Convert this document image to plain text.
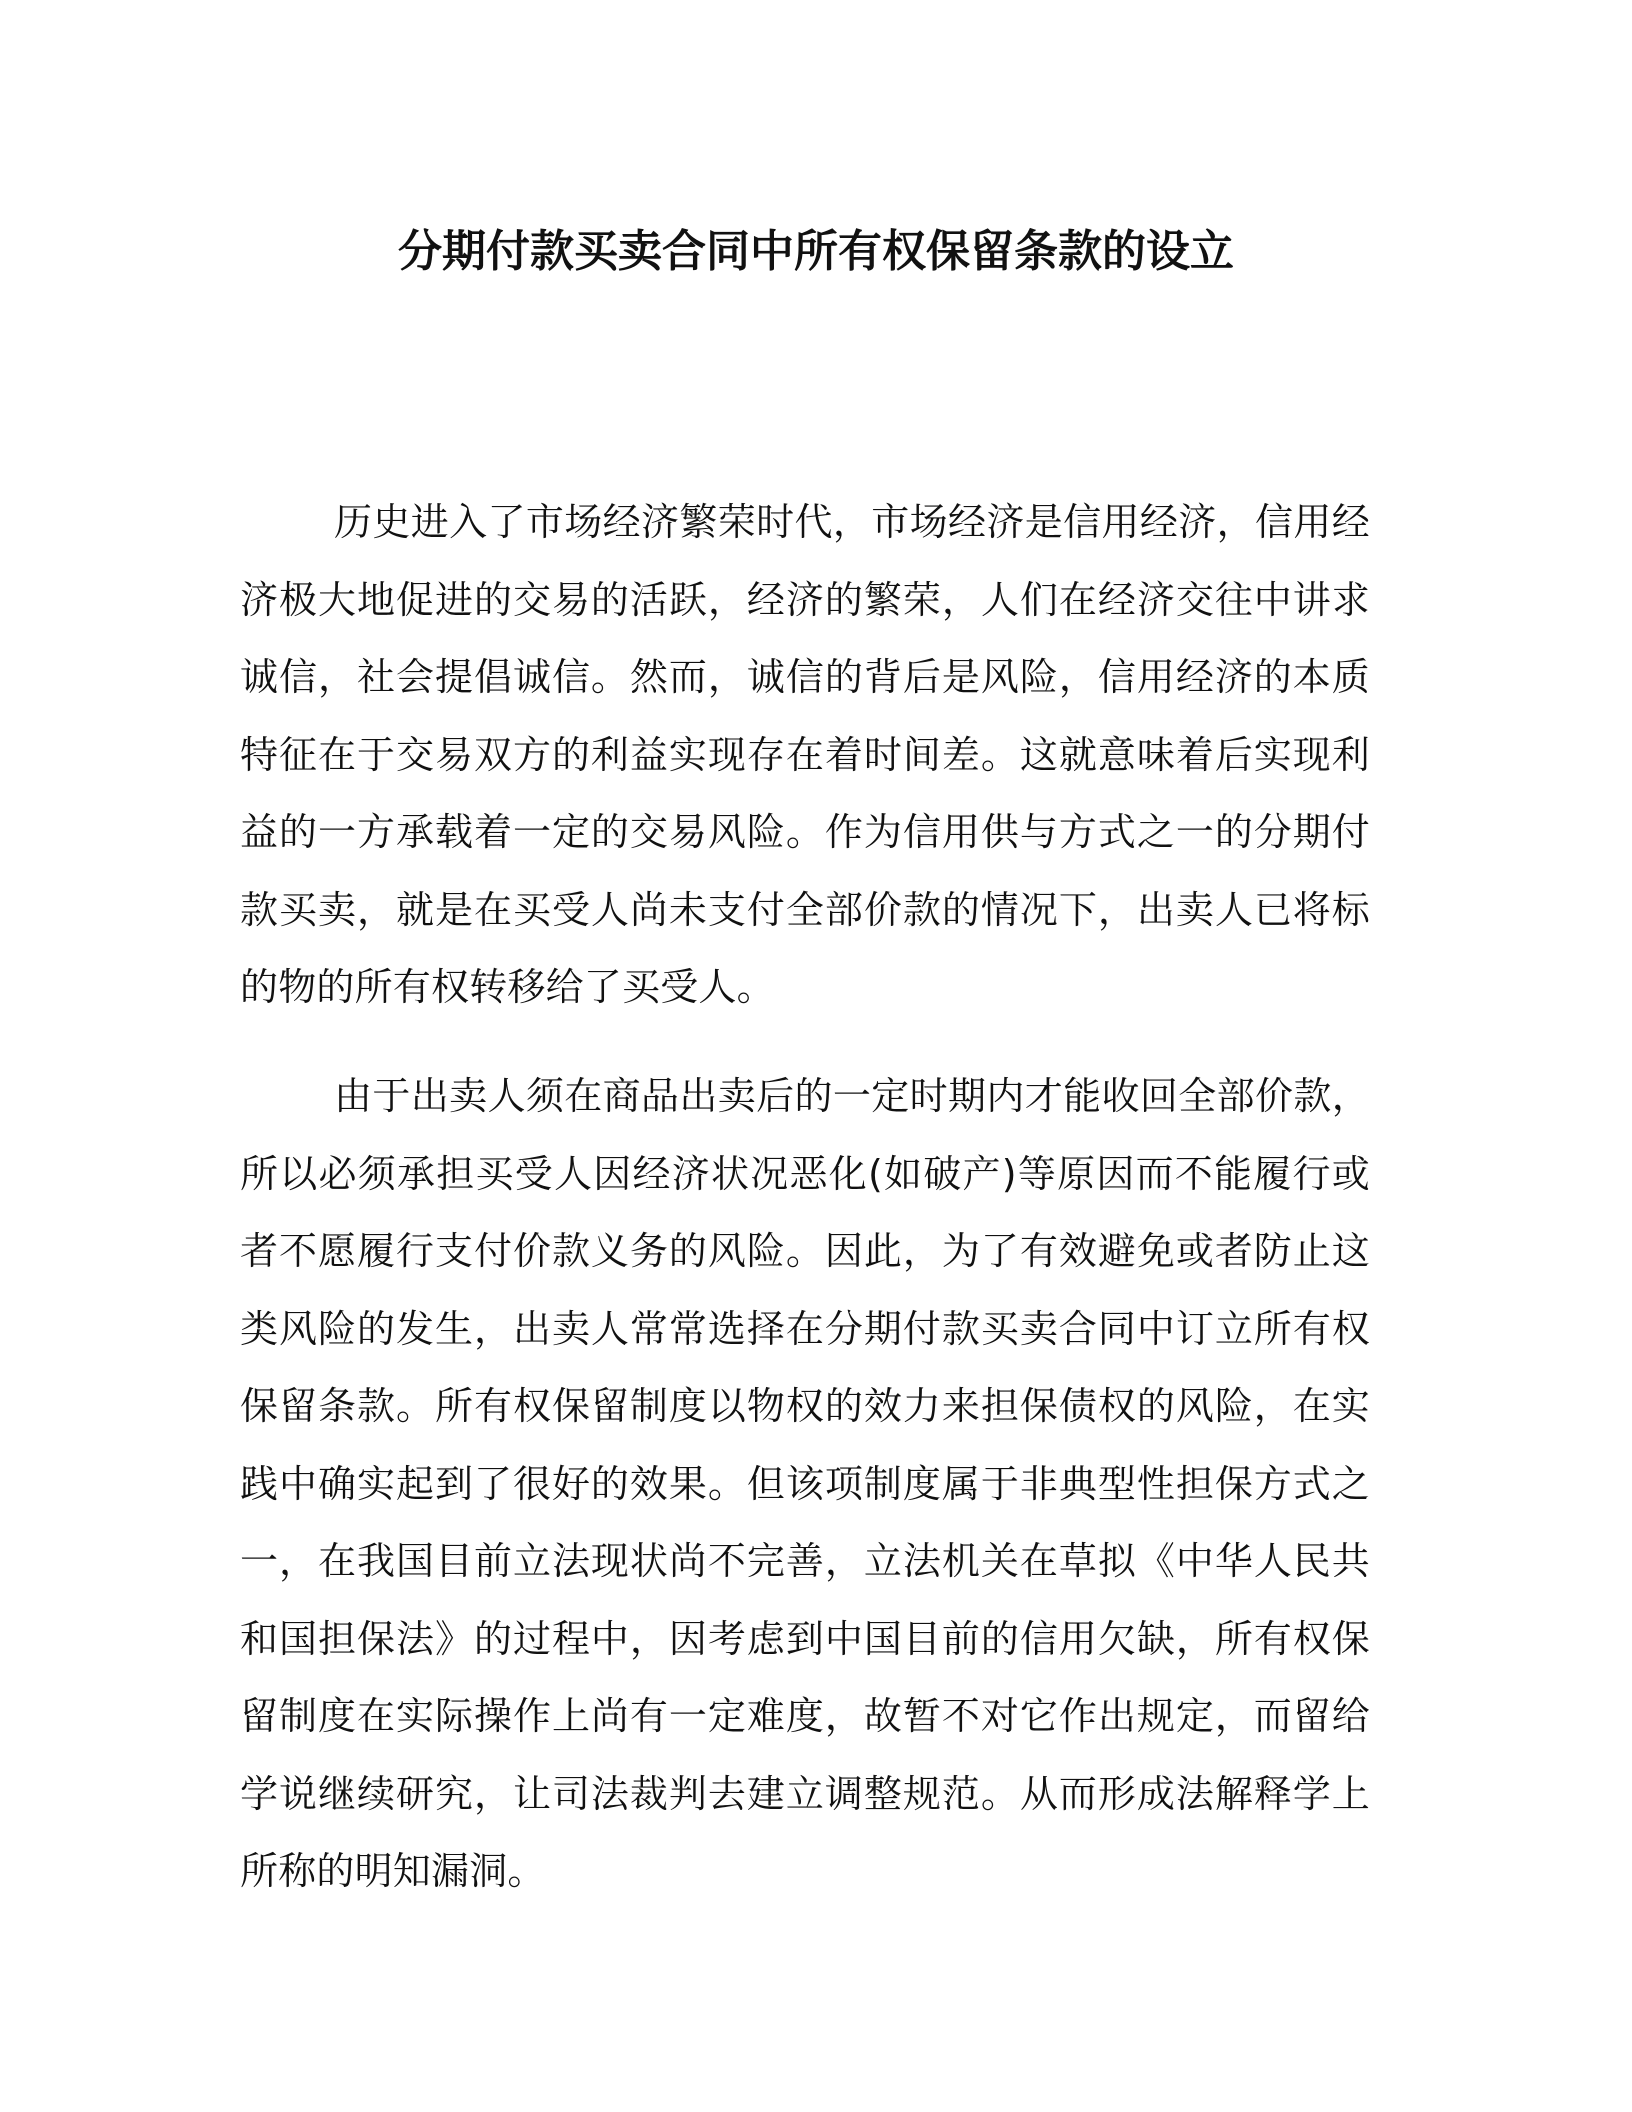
分期付款买卖合同中所有权保留条款的设立

历史进入了市场经济繁荣时代，市场经济是信用经济，信用经济极大地促进的交易的活跃，经济的繁荣，人们在经济交往中讲求诚信，社会提倡诚信。然而，诚信的背后是风险，信用经济的本质特征在于交易双方的利益实现存在着时间差。这就意味着后实现利益的一方承载着一定的交易风险。作为信用供与方式之一的分期付款买卖，就是在买受人尚未支付全部价款的情况下，出卖人已将标的物的所有权转移给了买受人。

由于出卖人须在商品出卖后的一定时期内才能收回全部价款，所以必须承担买受人因经济状况恶化(如破产)等原因而不能履行或者不愿履行支付价款义务的风险。因此，为了有效避免或者防止这类风险的发生，出卖人常常选择在分期付款买卖合同中订立所有权保留条款。所有权保留制度以物权的效力来担保债权的风险，在实践中确实起到了很好的效果。但该项制度属于非典型性担保方式之一，在我国目前立法现状尚不完善，立法机关在草拟《中华人民共和国担保法》的过程中，因考虑到中国目前的信用欠缺，所有权保留制度在实际操作上尚有一定难度，故暂不对它作出规定，而留给学说继续研究，让司法裁判去建立调整规范。从而形成法解释学上所称的明知漏洞。
